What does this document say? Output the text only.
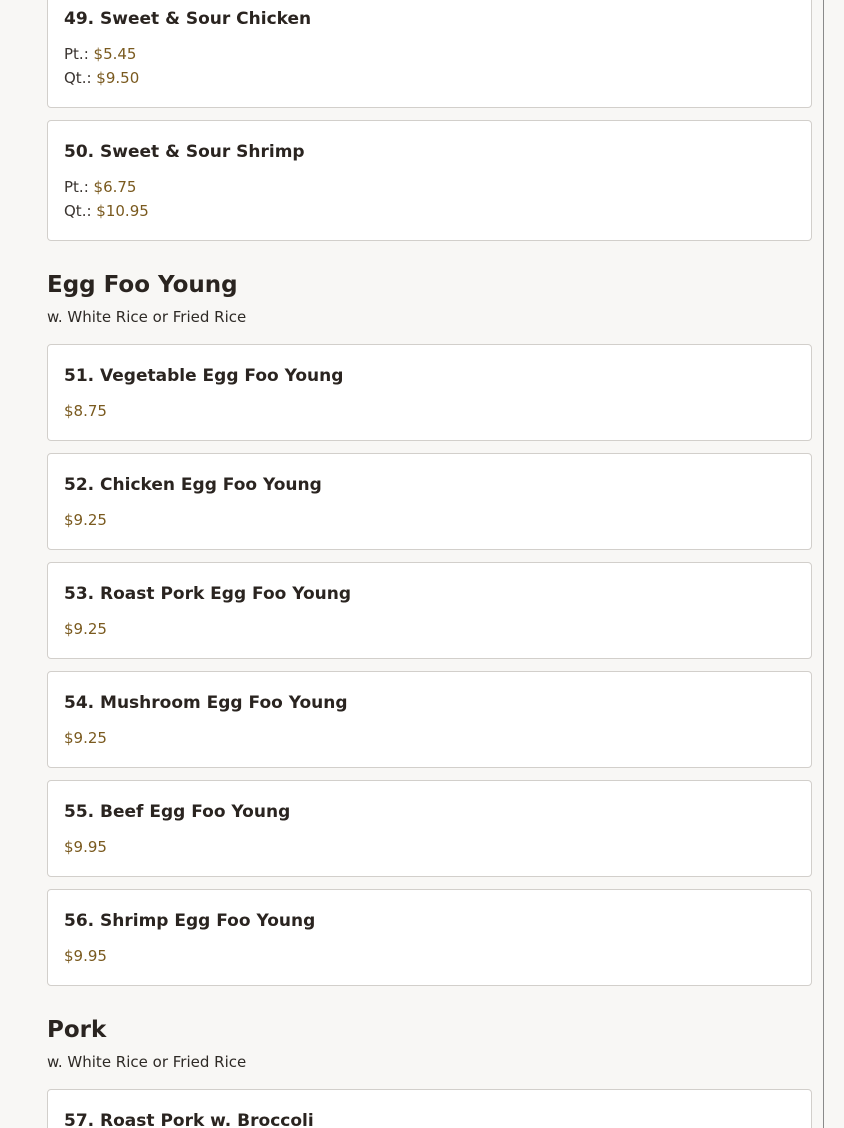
49. Sweet & Sour Chicken
Pt.: $5.45
Qt.: $9.50
50. Sweet & Sour Shrimp
Pt.: $6.75
Qt.: $10.95
Egg Foo Young
w. White Rice or Fried Rice
51. Vegetable Egg Foo Young
$8.75
52. Chicken Egg Foo Young
$9.25
53. Roast Pork Egg Foo Young
$9.25
54. Mushroom Egg Foo Young
$9.25
55. Beef Egg Foo Young
$9.95
56. Shrimp Egg Foo Young
$9.95
Pork
w. White Rice or Fried Rice
57. Roast Pork w. Broccoli
